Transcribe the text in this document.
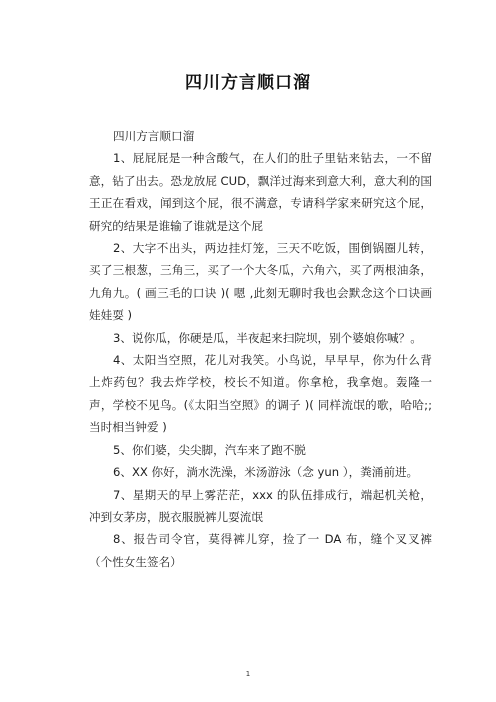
四川方言顺口溜

四川方言顺口溜

1、屁屁屁是一种含酸气，在人们的肚子里钻来钻去，一不留意，钻了出去。恐龙放屁 CUD，飘洋过海来到意大利，意大利的国王正在看戏，闻到这个屁，很不满意，专请科学家来研究这个屁，研究的结果是谁输了谁就是这个屁

2、大字不出头，两边挂灯笼，三天不吃饭，围倒锅圈儿转，买了三根葱，三角三，买了一个大冬瓜，六角六，买了两根油条，九角九。( 画三毛的口诀 )( 嗯 ,此刻无聊时我也会默念这个口诀画娃娃耍 )

3、说你瓜，你硬是瓜，半夜起来扫院坝，别个婆娘你喊？。

4、太阳当空照，花儿对我笑。小鸟说，早早早，你为什么背上炸药包？我去炸学校，校长不知道。你拿枪，我拿炮。轰隆一声，学校不见鸟。(《太阳当空照》的调子 )( 同样流氓的歌，哈哈;;当时相当钟爱 )

5、你们婆，尖尖脚，汽车来了跑不脱

6、XX 你好，淌水洗澡，米汤游泳（念 yun ），粪涌前进。

7、星期天的早上雾茫茫，xxx 的队伍排成行，端起机关枪，冲到女茅房，脱衣服脱裤儿耍流氓

8、报告司令官，莫得裤儿穿，捡了一 DA 布，缝个叉叉裤（个性女生签名）

1
